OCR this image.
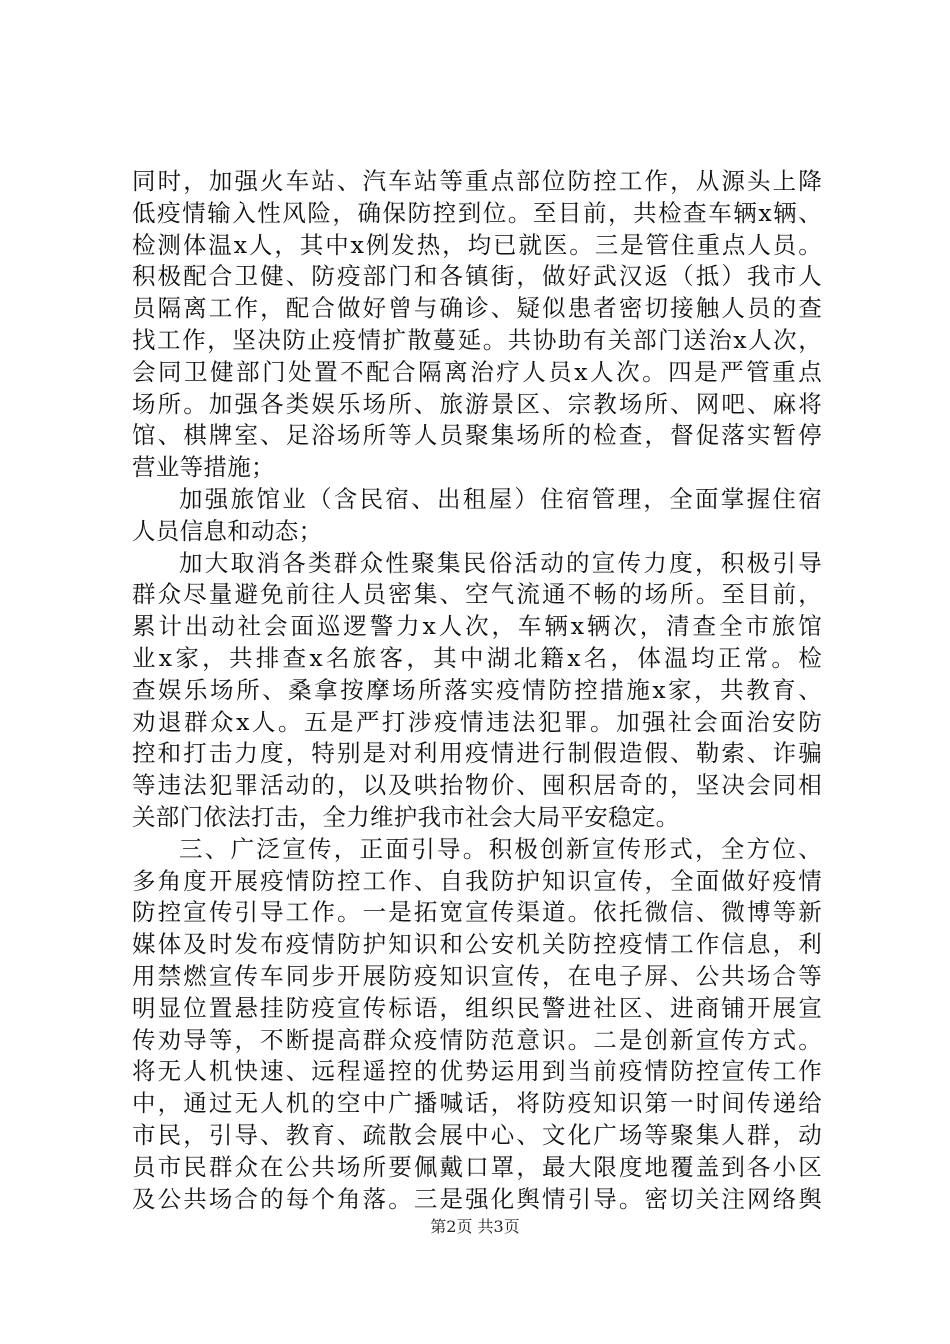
同时，加强火车站、汽车站等重点部位防控工作，从源头上降
低疫情输入性风险，确保防控到位。至目前，共检查车辆x辆、
检测体温x人，其中x例发热，均已就医。三是管住重点人员。
积极配合卫健、防疫部门和各镇街，做好武汉返（抵）我市人
员隔离工作，配合做好曾与确诊、疑似患者密切接触人员的查
找工作，坚决防止疫情扩散蔓延。共协助有关部门送治x人次，
会同卫健部门处置不配合隔离治疗人员x人次。四是严管重点
场所。加强各类娱乐场所、旅游景区、宗教场所、网吧、麻将
馆、棋牌室、足浴场所等人员聚集场所的检查，督促落实暂停
营业等措施；
加强旅馆业（含民宿、出租屋）住宿管理，全面掌握住宿
人员信息和动态；
加大取消各类群众性聚集民俗活动的宣传力度，积极引导
群众尽量避免前往人员密集、空气流通不畅的场所。至目前，
累计出动社会面巡逻警力x人次，车辆x辆次，清查全市旅馆
业x家，共排查x名旅客，其中湖北籍x名，体温均正常。检
查娱乐场所、桑拿按摩场所落实疫情防控措施x家，共教育、
劝退群众x人。五是严打涉疫情违法犯罪。加强社会面治安防
控和打击力度，特别是对利用疫情进行制假造假、勒索、诈骗
等违法犯罪活动的，以及哄抬物价、囤积居奇的，坚决会同相
关部门依法打击，全力维护我市社会大局平安稳定。
三、广泛宣传，正面引导。积极创新宣传形式，全方位、
多角度开展疫情防控工作、自我防护知识宣传，全面做好疫情
防控宣传引导工作。一是拓宽宣传渠道。依托微信、微博等新
媒体及时发布疫情防护知识和公安机关防控疫情工作信息，利
用禁燃宣传车同步开展防疫知识宣传，在电子屏、公共场合等
明显位置悬挂防疫宣传标语，组织民警进社区、进商铺开展宣
传劝导等，不断提高群众疫情防范意识。二是创新宣传方式。
将无人机快速、远程遥控的优势运用到当前疫情防控宣传工作
中，通过无人机的空中广播喊话，将防疫知识第一时间传递给
市民，引导、教育、疏散会展中心、文化广场等聚集人群，动
员市民群众在公共场所要佩戴口罩，最大限度地覆盖到各小区
及公共场合的每个角落。三是强化舆情引导。密切关注网络舆
第2页 共3页
